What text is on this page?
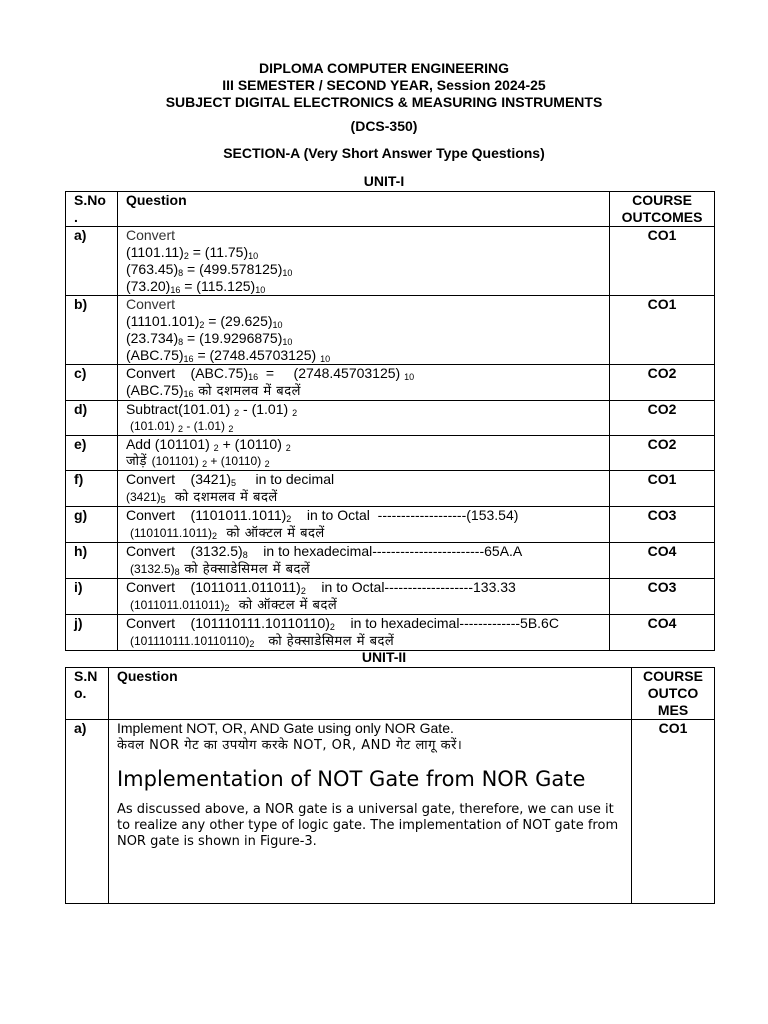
DIPLOMA COMPUTER ENGINEERING
III SEMESTER / SECOND YEAR, Session 2024-25
SUBJECT DIGITAL ELECTRONICS & MEASURING INSTRUMENTS
(DCS-350)
SECTION-A (Very Short Answer Type Questions)
UNIT-I
S.No
.	Question	COURSE OUTCOMES
a)	Convert
$(1101.11)_2 = (11.75)_{10}$
$(763.45)_8 = (499.578125)_{10}$
$(73.20)_{16} = (115.125)_{10}$	CO1
b)	Convert
$(11101.101)_2 = (29.625)_{10}$
$(23.734)_8 = (19.9296875)_{10}$
$(ABC.75)_{16} = (2748.45703125)$ $_{10}$	CO1
c)	Convert    $(ABC.75)_{16}$  =     (2748.45703125) $_{10}$
$(ABC.75)_{16}$ को दशमलव में बदलें	CO2
d)	Subtract(101.01) $_2$ - (1.01) $_2$
(101.01) $_2$ - (1.01) $_2$	CO2
e)	Add (101101) $_2$ + (10110) $_2$
जोड़ें (101101) $_2$ + (10110) $_2$	CO2
f)	Convert    $(3421)_5$     in to decimal
$(3421)_5$  को दशमलव में बदलें	CO1
g)	Convert    $(1101011.1011)_2$    in to Octal  -------------------(153.54)
$(1101011.1011)_2$  को ऑक्टल में बदलें	CO3
h)	Convert    $(3132.5)_8$    in to hexadecimal------------------------65A.A
$(3132.5)_8$ को हेक्साडेसिमल में बदलें	CO4
i)	Convert    $(1011011.011011)_2$    in to Octal-------------------133.33
$(1011011.011011)_2$  को ऑक्टल में बदलें	CO3
j)	Convert    $(101110111.10110110)_2$    in to hexadecimal-------------5B.6C
$(101110111.10110110)_2$   को हेक्साडेसिमल में बदलें	CO4
UNIT-II
S.N
o.	Question	COURSE
OUTCO
MES
a)	Implement NOT, OR, AND Gate using only NOR Gate.
केवल NOR गेट का उपयोग करके NOT, OR, AND गेट लागू करें।
Implementation of NOT Gate from NOR Gate
As discussed above, a NOR gate is a universal gate, therefore, we can use it to realize any other type of logic gate. The implementation of NOT gate from NOR gate is shown in Figure-3.	CO1
